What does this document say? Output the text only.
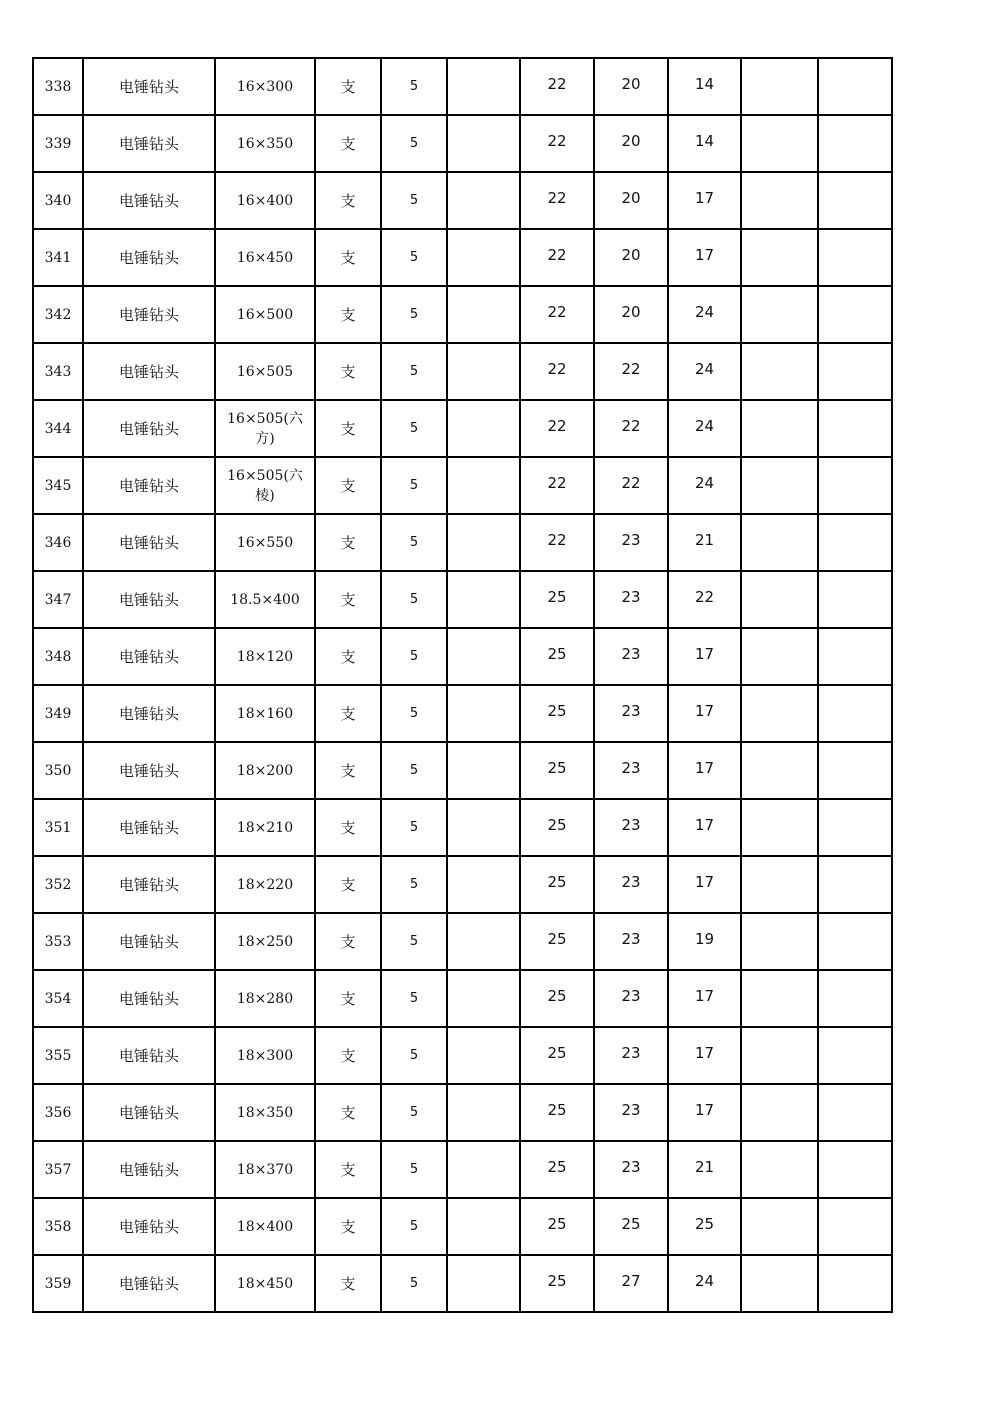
338	电锤钻头	16×300	支	5		22	20	14		
339	电锤钻头	16×350	支	5		22	20	14		
340	电锤钻头	16×400	支	5		22	20	17		
341	电锤钻头	16×450	支	5		22	20	17		
342	电锤钻头	16×500	支	5		22	20	24		
343	电锤钻头	16×505	支	5		22	22	24		
344	电锤钻头	16×505(六方)	支	5		22	22	24		
345	电锤钻头	16×505(六棱)	支	5		22	22	24		
346	电锤钻头	16×550	支	5		22	23	21		
347	电锤钻头	18.5×400	支	5		25	23	22		
348	电锤钻头	18×120	支	5		25	23	17		
349	电锤钻头	18×160	支	5		25	23	17		
350	电锤钻头	18×200	支	5		25	23	17		
351	电锤钻头	18×210	支	5		25	23	17		
352	电锤钻头	18×220	支	5		25	23	17		
353	电锤钻头	18×250	支	5		25	23	19		
354	电锤钻头	18×280	支	5		25	23	17		
355	电锤钻头	18×300	支	5		25	23	17		
356	电锤钻头	18×350	支	5		25	23	17		
357	电锤钻头	18×370	支	5		25	23	21		
358	电锤钻头	18×400	支	5		25	25	25		
359	电锤钻头	18×450	支	5		25	27	24		
